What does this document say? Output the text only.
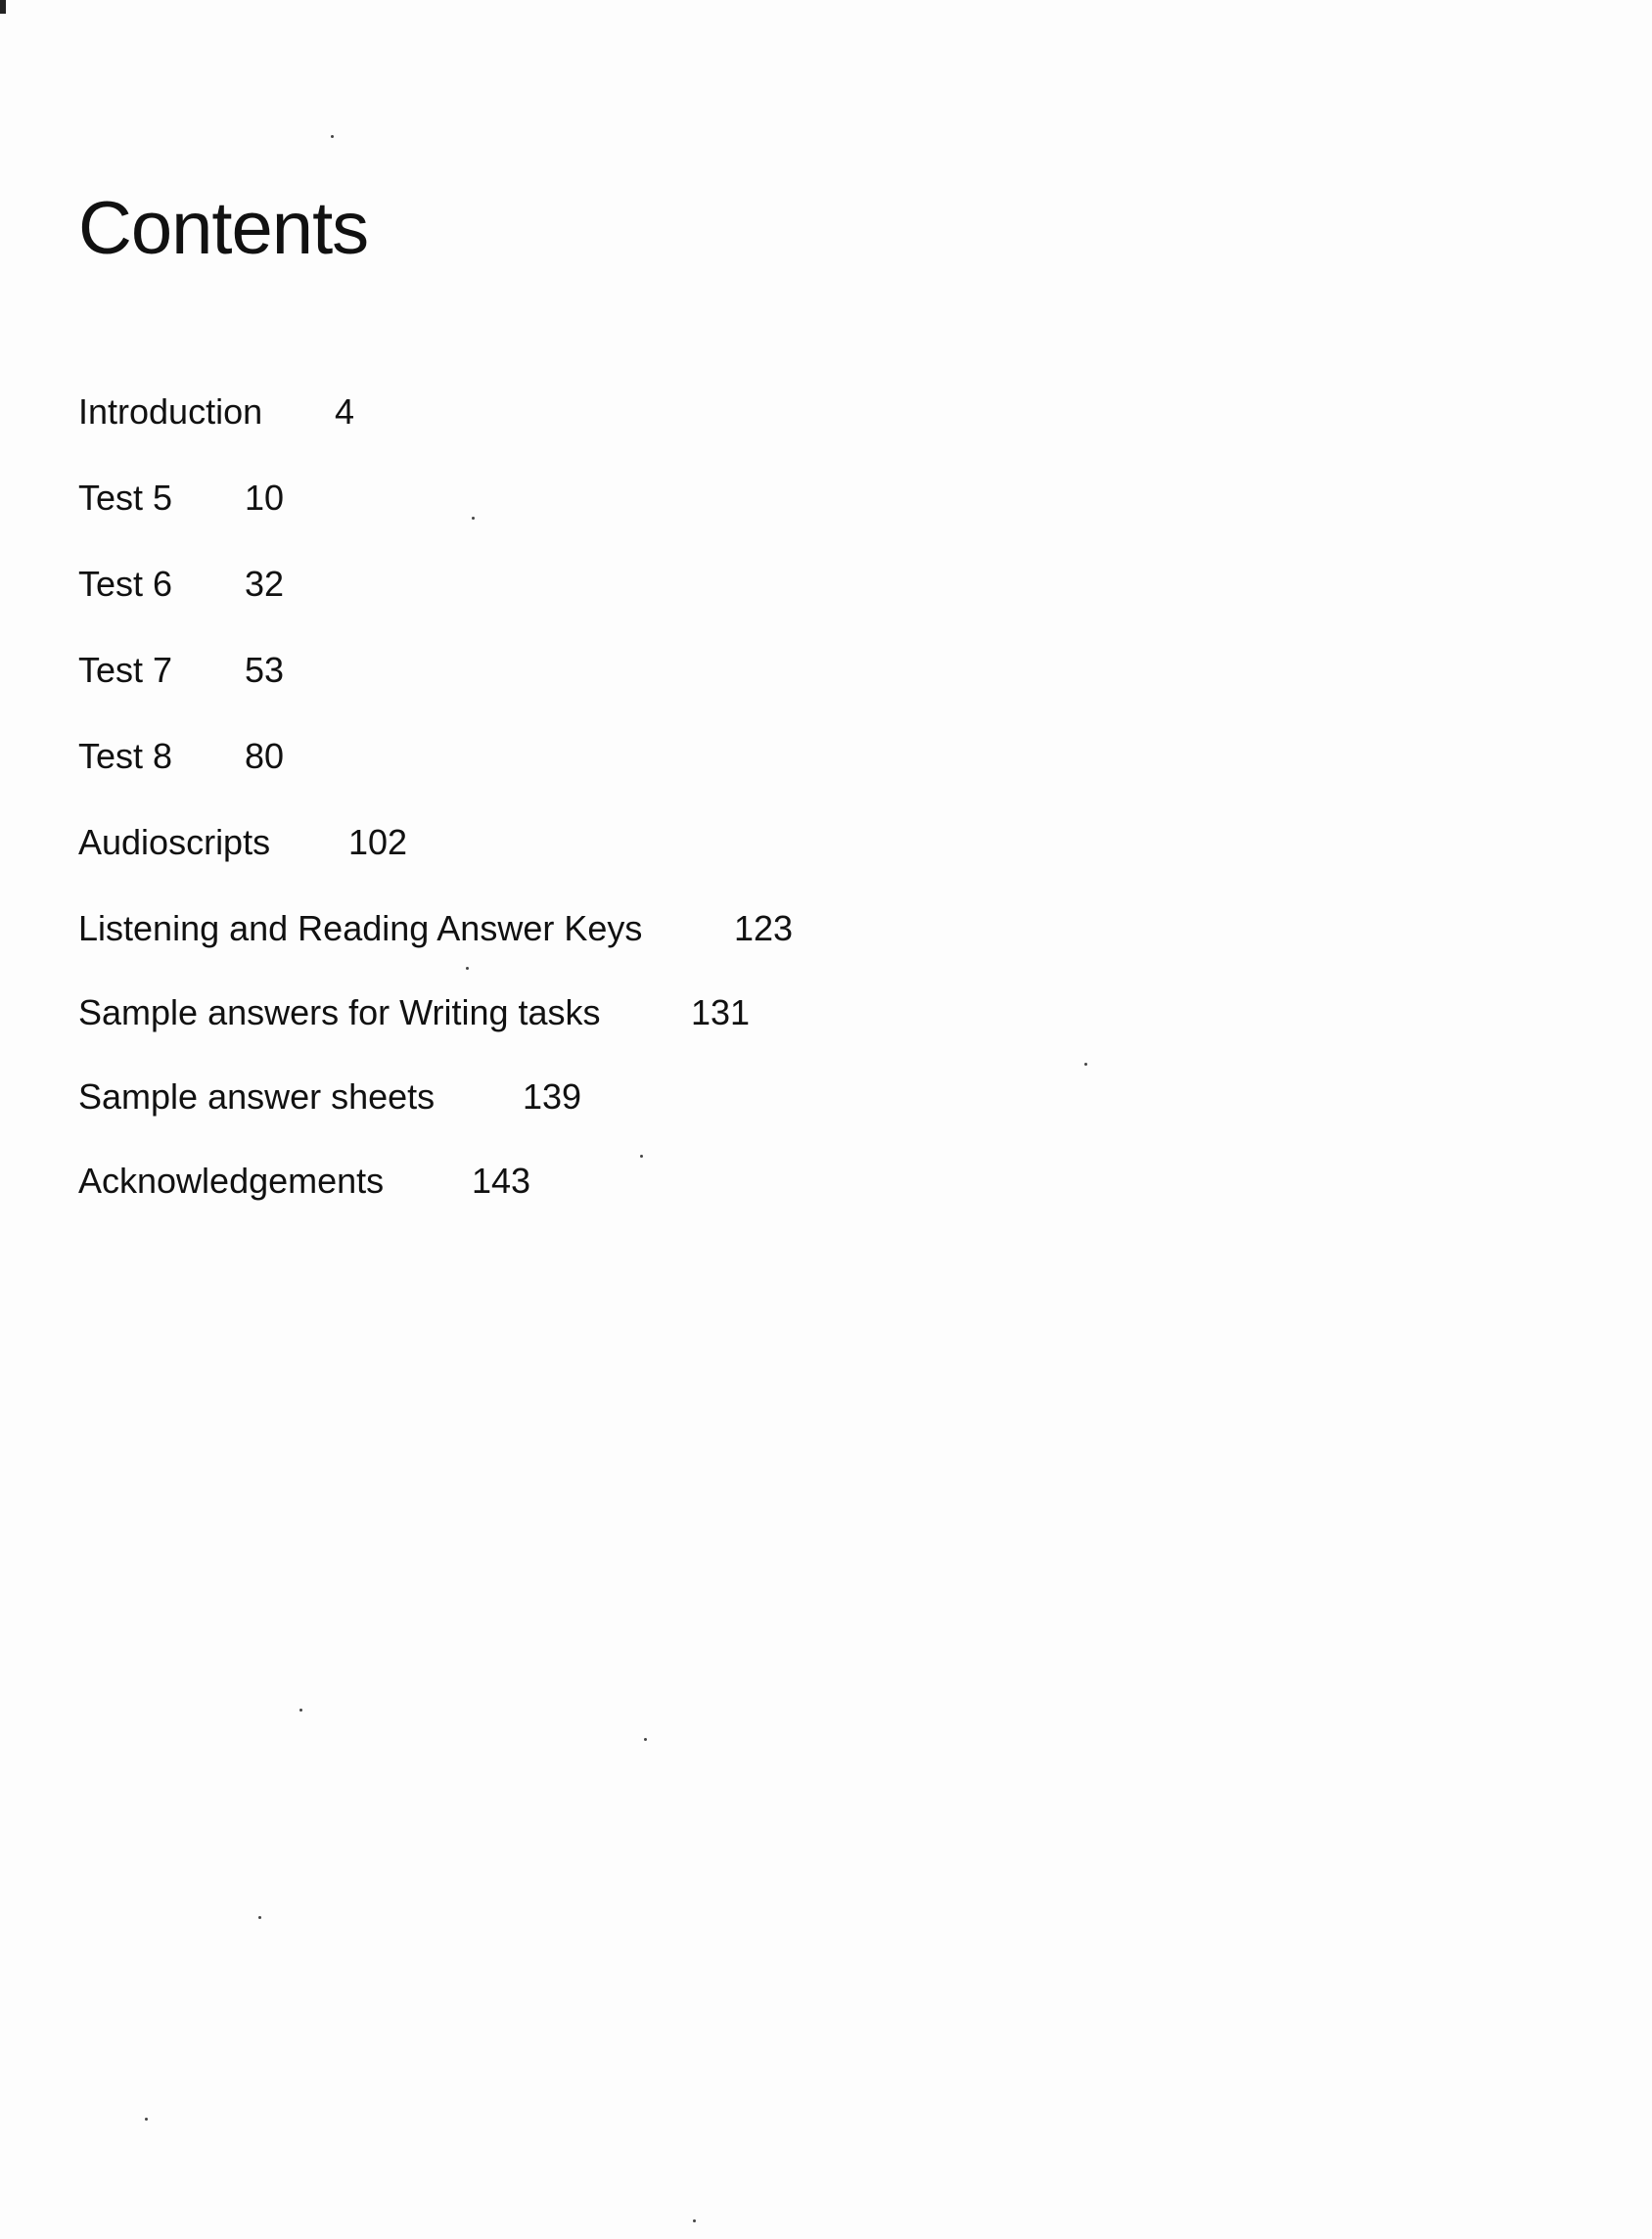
Contents
Introduction 4
Test 5 10
Test 6 32
Test 7 53
Test 8 80
Audioscripts 102
Listening and Reading Answer Keys	123
Sample answers for Writing tasks	131
Sample answer sheets 139
Acknowledgements 143
